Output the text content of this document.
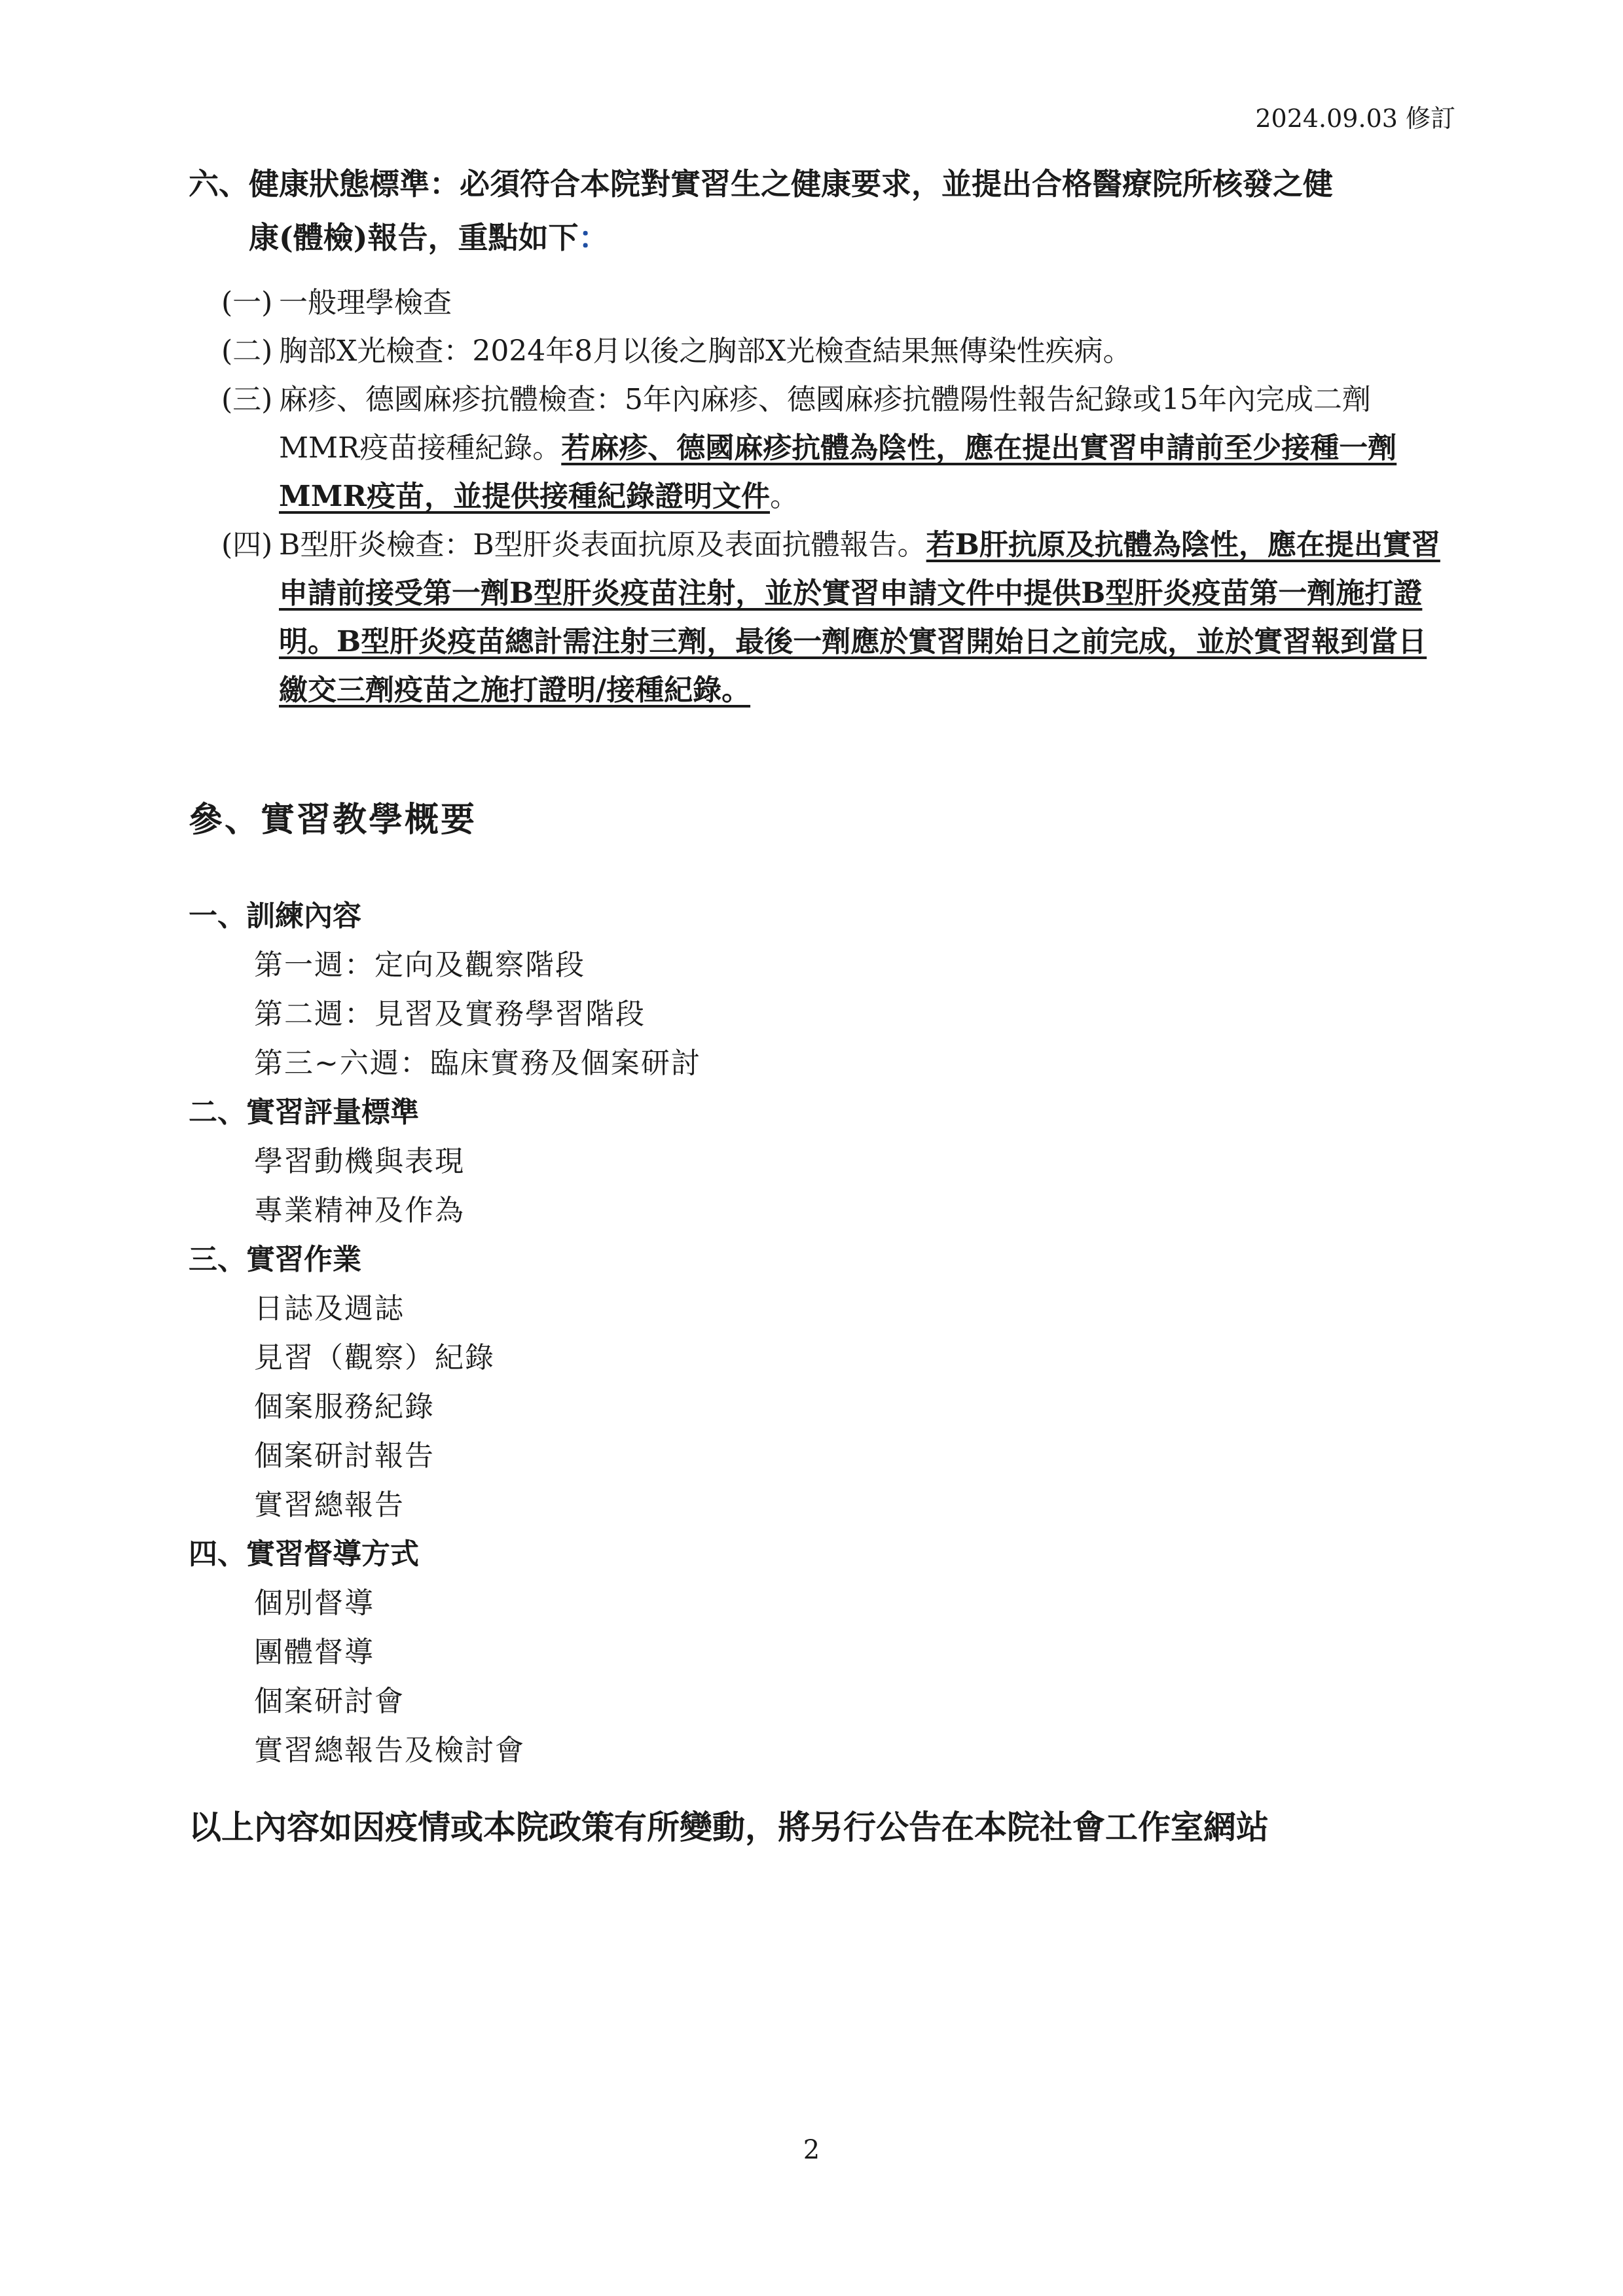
2024.09.03 修訂
六、健康狀態標準：必須符合本院對實習生之健康要求，並提出合格醫療院所核發之健
康(體檢)報告，重點如下：
(一) 一般理學檢查
(二) 胸部X光檢查：2024年8月以後之胸部X光檢查結果無傳染性疾病。
(三) 麻疹、德國麻疹抗體檢查：5年內麻疹、德國麻疹抗體陽性報告紀錄或15年內完成二劑MMR疫苗接種紀錄。若麻疹、德國麻疹抗體為陰性，應在提出實習申請前至少接種一劑MMR疫苗，並提供接種紀錄證明文件。
(四) B型肝炎檢查：B型肝炎表面抗原及表面抗體報告。若B肝抗原及抗體為陰性，應在提出實習申請前接受第一劑B型肝炎疫苗注射，並於實習申請文件中提供B型肝炎疫苗第一劑施打證明。B型肝炎疫苗總計需注射三劑，最後一劑應於實習開始日之前完成，並於實習報到當日繳交三劑疫苗之施打證明/接種紀錄。
參、實習教學概要
一、訓練內容
第一週：定向及觀察階段
第二週：見習及實務學習階段
第三~六週：臨床實務及個案研討
二、實習評量標準
學習動機與表現
專業精神及作為
三、實習作業
日誌及週誌
見習（觀察）紀錄
個案服務紀錄
個案研討報告
實習總報告
四、實習督導方式
個別督導
團體督導
個案研討會
實習總報告及檢討會
以上內容如因疫情或本院政策有所變動，將另行公告在本院社會工作室網站
2
